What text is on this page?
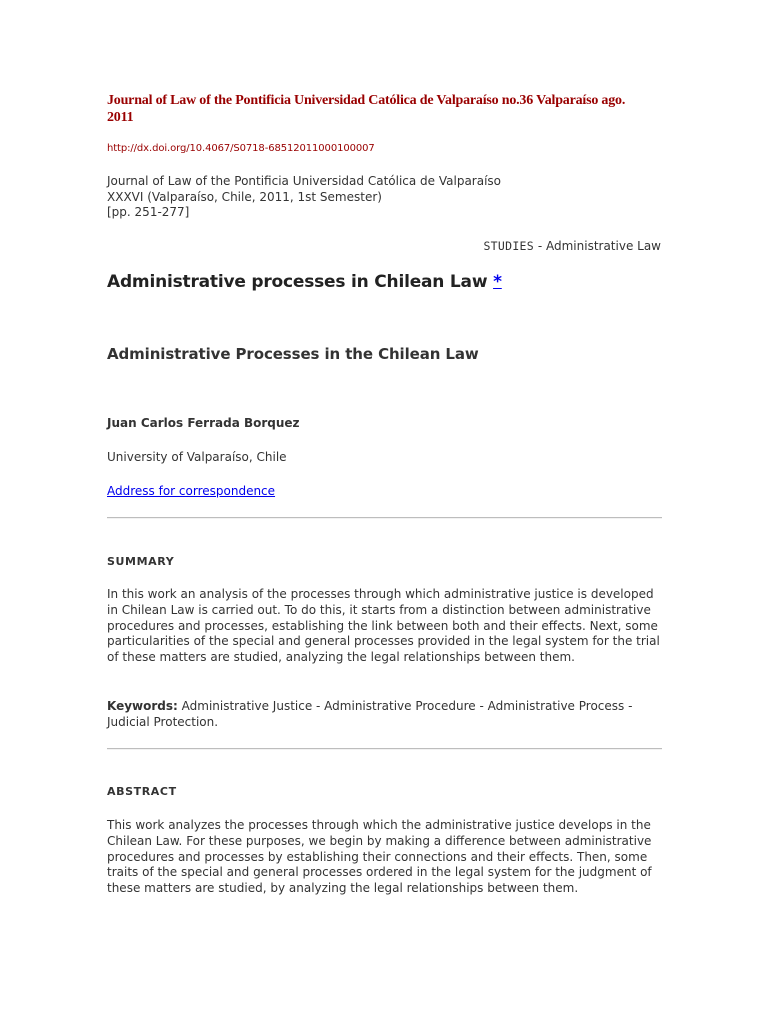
Journal of Law of the Pontificia Universidad Católica de Valparaíso no.36 Valparaíso ago. 2011
http://dx.doi.org/10.4067/S0718-68512011000100007
Journal of Law of the Pontificia Universidad Católica de Valparaíso
XXXVI (Valparaíso, Chile, 2011, 1st Semester)
[pp. 251-277]
STUDIES - Administrative Law
Administrative processes in Chilean Law *
Administrative Processes in the Chilean Law
Juan Carlos Ferrada Borquez
University of Valparaíso, Chile
Address for correspondence
SUMMARY

In this work an analysis of the processes through which administrative justice is developed in Chilean Law is carried out. To do this, it starts from a distinction between administrative procedures and processes, establishing the link between both and their effects. Next, some particularities of the special and general processes provided in the legal system for the trial of these matters are studied, analyzing the legal relationships between them.

Keywords: Administrative Justice - Administrative Procedure - Administrative Process - Judicial Protection.

ABSTRACT

This work analyzes the processes through which the administrative justice develops in the Chilean Law. For these purposes, we begin by making a difference between administrative procedures and processes by establishing their connections and their effects. Then, some traits of the special and general processes ordered in the legal system for the judgment of these matters are studied, by analyzing the legal relationships between them.
